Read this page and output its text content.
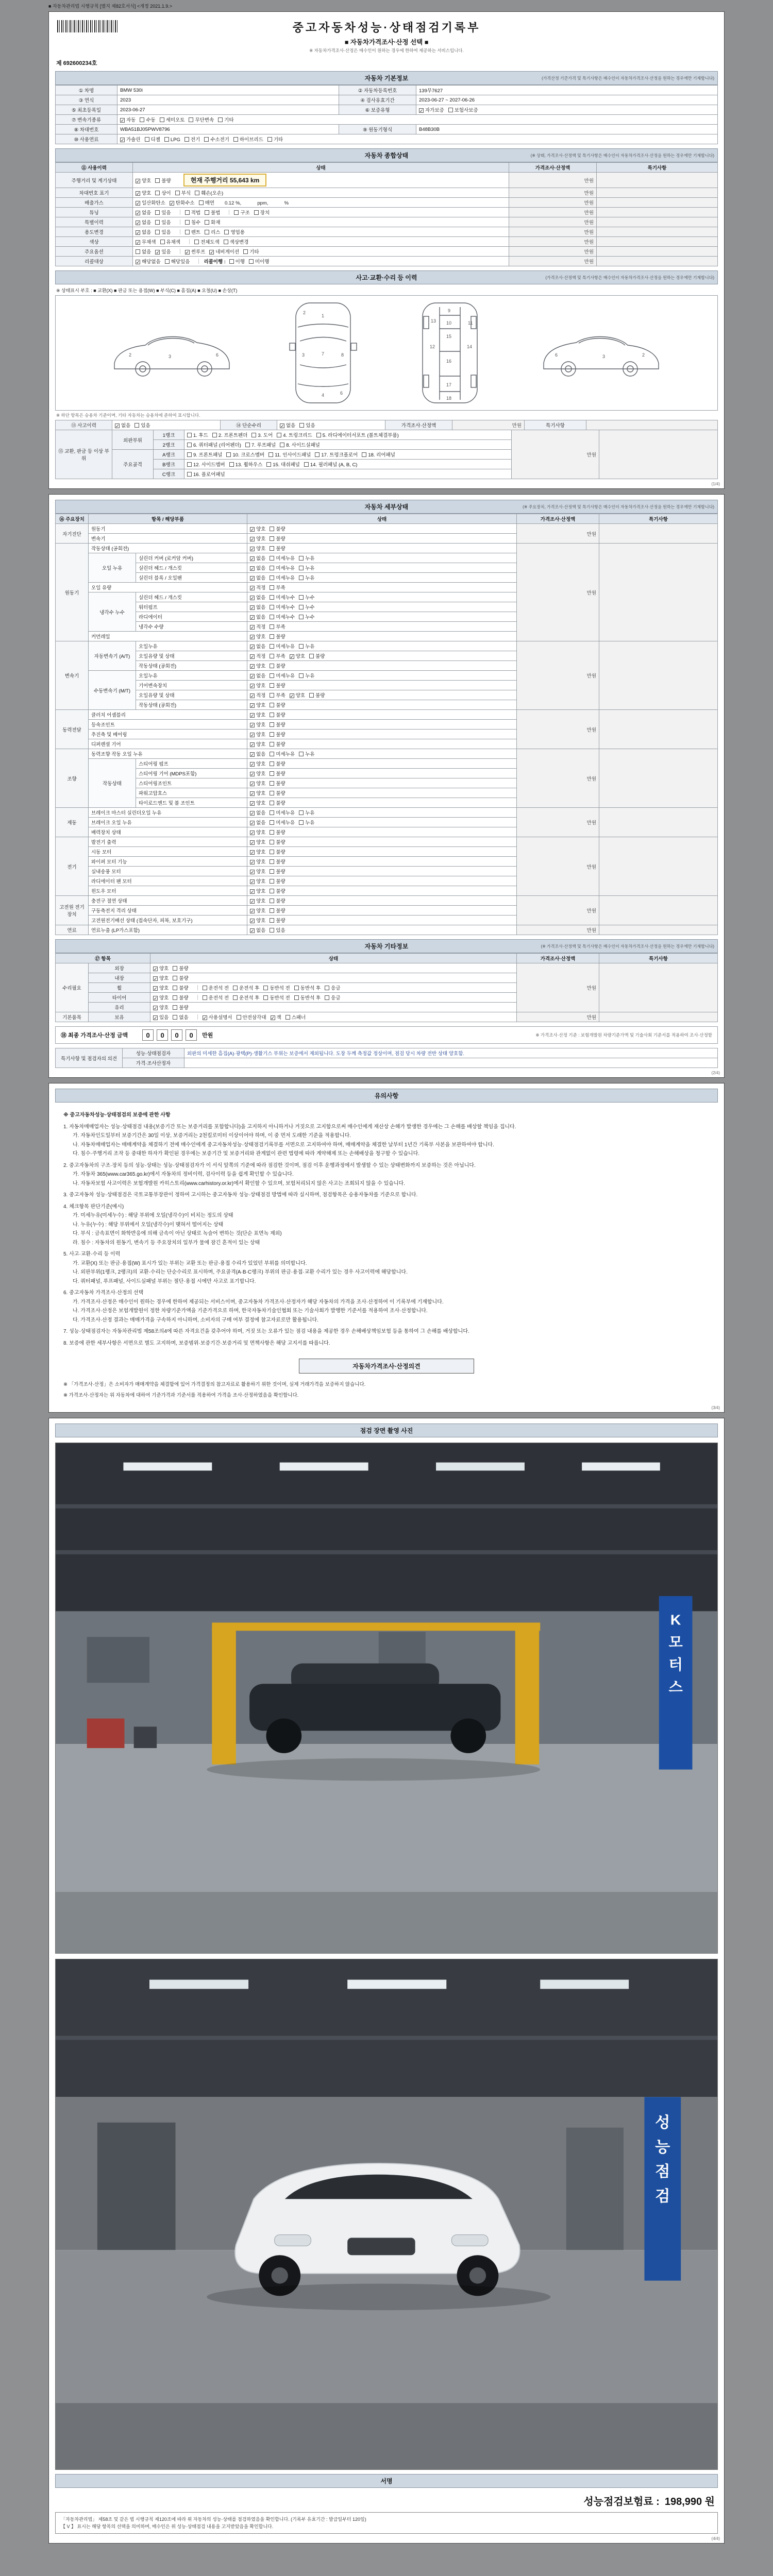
■ 자동차관리법 시행규칙 [별지 제82호서식] <개정 2021.1.9.>
중고자동차성능·상태점검기록부
■ 자동차가격조사·산정 선택 ■
※ 자동차가격조사·산정은 매수인이 원하는 경우에 한하여 제공하는 서비스입니다.
제 692600234호
자동차 기본정보	(가격산정 기준가격 및 특기사항은 매수인이 자동차가격조사·산정을 원하는 경우에만 기재합니다)
① 차명	BMW 530i	② 자동차등록번호	139무7627
③ 연식	2023	④ 검사유효기간	2023-06-27 ~ 2027-06-26
⑤ 최초등록일	2023-06-27	⑥ 보증유형	✓ 자가보증 보험사보증
⑦ 변속기종류	✓ 자동 수동 세미오토 무단변속 기타		
⑧ 차대번호	WBA51BJ05PWV8796	⑨ 원동기형식	B48B30B
⑩ 사용연료	✓ 가솔린 디젤 LPG 전기 수소전기 하이브리드 기타		
자동차 종합상태	(※ 상태, 가격조사·산정액 및 특기사항은 매수인이 자동차가격조사·산정을 원하는 경우에만 기재합니다)
⑪ 사용이력	상태	가격조사·산정액	특기사항
주행거리 및 계기상태	✓ 양호 불량 현재 주행거리 55,643 km	만원	
차대번호 표기	✓ 양호 상이 부식 훼손(오손)	만원	
배출가스	✓ 일산화탄소 ✓ 탄화수소 매연 0.12 %,　　　 ppm,　　　 %	만원	
튜닝	✓ 없음 있음 적법 불법 구조 장치	만원	
특별이력	✓ 없음 있음 침수 화재	만원	
용도변경	✓ 없음 있음 렌트 리스 영업용	만원	
색상	✓ 무채색 유채색 전체도색 색상변경	만원	
주요옵션	없음 ✓ 있음 ✓ 썬루프 ✓ 네비게이션 기타	만원	
리콜대상	✓ 해당없음 해당있음 리콜이행 : 이행 미이행	만원	
사고·교환·수리 등 이력	(가격조사·산정액 및 특기사항은 매수인이 자동차가격조사·산정을 원하는 경우에만 기재합니다)
※ 상태표시 부호 : ■ 교환(X) ■ 판금 또는 용접(W) ■ 부식(C) ■ 흠집(A) ■ 요철(U) ■ 손상(T)
2	3	6
1
2
3	7	8
6
4
9
10	11
12
13
14
15
16
17
18
6	3	2
※ 하단 항목은 승용차 기준이며, 기타 자동차는 승용차에 준하여 표시합니다.
⑬ 사고이력	✓ 없음 있음	⑭ 단순수리	✓ 없음 있음	가격조사·산정액	만원	특기사항	
⑮ 교환, 판금 등 이상 부위	외판부위	1랭크	1. 후드 2. 프론트펜더 3. 도어 4. 트렁크리드 5. 라디에이터서포트 (볼트체결부품)	만원	
		2랭크	6. 쿼터패널 (리어펜더) 7. 루프패널 8. 사이드실패널		
	주요골격	A랭크	9. 프론트패널 10. 크로스멤버 11. 인사이드패널 17. 트렁크플로어 18. 리어패널		
		B랭크	12. 사이드멤버 13. 휠하우스 15. 대쉬패널 14. 필러패널 (A, B, C)		
		C랭크	16. 플로어패널		
(1/4)
자동차 세부상태	(※ 주요장치, 가격조사·산정액 및 특기사항은 매수인이 자동차가격조사·산정을 원하는 경우에만 기재합니다)
⑯ 주요장치	항목 / 해당부품		상태	가격조사·산정액	특기사항
자기진단	원동기		✓ 양호 불량	만원	
	변속기		✓ 양호 불량		
원동기	작동상태 (공회전)		✓ 양호 불량	만원	
	오일 누유	실린더 커버 (로커암 커버)	✓ 없음 미세누유 누유		
		실린더 헤드 / 개스킷	✓ 없음 미세누유 누유		
		실린더 블록 / 오일팬	✓ 없음 미세누유 누유		
	오일 유량		✓ 적정 부족		
	냉각수 누수	실린더 헤드 / 개스킷	✓ 없음 미세누수 누수		
		워터펌프	✓ 없음 미세누수 누수		
		라디에이터	✓ 없음 미세누수 누수		
		냉각수 수량	✓ 적정 부족		
	커먼레일		✓ 양호 불량		
변속기	자동변속기 (A/T)	오일누유	✓ 없음 미세누유 누유	만원	
		오일유량 및 상태	✓ 적정 부족 ✓ 양호 불량		
		작동상태 (공회전)	✓ 양호 불량		
	수동변속기 (M/T)	오일누유	✓ 없음 미세누유 누유		
		기어변속장치	✓ 양호 불량		
		오일유량 및 상태	✓ 적정 부족 ✓ 양호 불량		
		작동상태 (공회전)	✓ 양호 불량		
동력전달	클러치 어셈블리		✓ 양호 불량	만원	
	등속조인트		✓ 양호 불량		
	추진축 및 베어링		✓ 양호 불량		
	디퍼렌셜 기어		✓ 양호 불량		
조향	동력조향 작동 오일 누유		✓ 없음 미세누유 누유	만원	
	작동상태	스티어링 펌프	✓ 양호 불량		
		스티어링 기어 (MDPS포함)	✓ 양호 불량		
		스티어링조인트	✓ 양호 불량		
		파워고압호스	✓ 양호 불량		
		타이로드엔드 및 볼 조인트	✓ 양호 불량		
제동	브레이크 마스터 실린더오일 누유		✓ 없음 미세누유 누유	만원	
	브레이크 오일 누유		✓ 없음 미세누유 누유		
	배력장치 상태		✓ 양호 불량		
전기	발전기 출력		✓ 양호 불량	만원	
	시동 모터		✓ 양호 불량		
	와이퍼 모터 기능		✓ 양호 불량		
	실내송풍 모터		✓ 양호 불량		
	라디에이터 팬 모터		✓ 양호 불량		
	윈도우 모터		✓ 양호 불량		
고전원 전기장치	충전구 절연 상태		✓ 양호 불량	만원	
	구동축전지 격리 상태		✓ 양호 불량		
	고전원전기배선 상태 (접속단자, 피복, 보호기구)		✓ 양호 불량		
연료	연료누출 (LP가스포함)		✓ 없음 있음	만원	
자동차 기타정보	(※ 가격조사·산정액 및 특기사항은 매수인이 자동차가격조사·산정을 원하는 경우에만 기재합니다)
⑰ 항목		상태	가격조사·산정액	특기사항
수리필요	외장	✓ 양호 불량	만원	
	내장	✓ 양호 불량		
	휠	✓ 양호 불량 운전석 전 운전석 후 동반석 전 동반석 후 응급		
	타이어	✓ 양호 불량 운전석 전 운전석 후 동반석 전 동반석 후 응급		
	유리	✓ 양호 불량		
기본품목	보유	✓ 있음 없음 ✓ 사용설명서 안전삼각대 ✓ 잭 스패너	만원	
⑱ 최종 가격조사·산정 금액	0 0 0 0	만원	※ 가격조사·산정 기준 : 보험개발원 차량기준가액 및 기술사회 기준서를 적용하여 조사·산정함
특기사항 및 점검자의 의견	성능·상태점검자	외판의 미세한 흠집(A)·광택(P)·생활기스 부위는 보증에서 제외됩니다. 도장 두께 측정값 정상이며, 점검 당시 차량 전반 상태 양호함.
	가격·조사산정자	
(2/4)
유의사항
※ 중고자동차성능·상태점검의 보증에 관한 사항
1. 자동차매매업자는 성능·상태점검 내용(보증기간 또는 보증거리를 포함합니다)을 고지하지 아니하거나 거짓으로 고지함으로써 매수인에게 재산상 손해가 발생한 경우에는 그 손해를 배상할 책임을 집니다.
가. 자동차인도일부터 보증기간은 30일 이상, 보증거리는 2천킬로미터 이상이어야 하며, 이 중 먼저 도래한 기준을 적용합니다.
나. 자동차매매업자는 매매계약을 체결하기 전에 매수인에게 중고자동차성능·상태점검기록부를 서면으로 고지하여야 하며, 매매계약을 체결한 날부터 1년간 기록부 사본을 보관하여야 합니다.
다. 침수·주행거리 조작 등 중대한 하자가 확인된 경우에는 보증기간 및 보증거리와 관계없이 관련 법령에 따라 계약해제 또는 손해배상을 청구할 수 있습니다.
2. 중고자동차의 구조·장치 등의 성능·상태는 성능·상태점검자가 이 서식 앞쪽의 기준에 따라 점검한 것이며, 점검 이후 운행과정에서 발생할 수 있는 상태변화까지 보증하는 것은 아닙니다.
가. 자동차 365(www.car365.go.kr)에서 자동차의 정비이력, 검사이력 등을 쉽게 확인할 수 있습니다.
나. 자동차보험 사고이력은 보험개발원 카히스토리(www.carhistory.or.kr)에서 확인할 수 있으며, 보험처리되지 않은 사고는 조회되지 않을 수 있습니다.
3. 중고자동차 성능·상태점검은 국토교통부장관이 정하여 고시하는 중고자동차 성능·상태점검 방법에 따라 실시하며, 점검항목은 승용자동차를 기준으로 합니다.
4. 체크항목 판단기준(예시)
가. 미세누유(미세누수) : 해당 부위에 오일(냉각수)이 비치는 정도의 상태
나. 누유(누수) : 해당 부위에서 오일(냉각수)이 맺혀서 떨어지는 상태
다. 부식 : 금속표면이 화학반응에 의해 금속이 아닌 상태로 녹슬어 변하는 것(단순 표면녹 제외)
라. 침수 : 자동차의 원동기, 변속기 등 주요장치의 일부가 물에 잠긴 흔적이 있는 상태
5. 사고·교환·수리 등 이력
가. 교환(X) 또는 판금·용접(W) 표시가 있는 부위는 교환 또는 판금·용접 수리가 있었던 부위를 의미합니다.
나. 외판부위(1랭크, 2랭크)의 교환·수리는 단순수리로 표시하며, 주요골격(A·B·C랭크) 부위의 판금·용접·교환 수리가 있는 경우 사고이력에 해당합니다.
다. 쿼터패널, 루프패널, 사이드실패널 부위는 절단·용접 시에만 사고로 표기합니다.
6. 중고자동차 가격조사·산정의 선택
가. 가격조사·산정은 매수인이 원하는 경우에 한하여 제공되는 서비스이며, 중고자동차 가격조사·산정자가 해당 자동차의 가격을 조사·산정하여 이 기록부에 기재합니다.
나. 가격조사·산정은 보험개발원이 정한 차량기준가액을 기준가격으로 하며, 한국자동차기술인협회 또는 기술사회가 발행한 기준서를 적용하여 조사·산정합니다.
다. 가격조사·산정 결과는 매매가격을 구속하지 아니하며, 소비자의 구매 여부 결정에 참고자료로만 활용됩니다.
7. 성능·상태점검자는 자동차관리법 제58조의4에 따른 자격요건을 갖추어야 하며, 거짓 또는 오류가 있는 점검 내용을 제공한 경우 손해배상책임보험 등을 통하여 그 손해를 배상합니다.
8. 보증에 관한 세부사항은 서면으로 별도 고지하며, 보증범위·보증기간·보증거리 및 면책사항은 해당 고지서를 따릅니다.
자동차가격조사·산정의견
※ 「가격조사·산정」은 소비자가 매매계약을 체결함에 있어 가격결정의 참고자료로 활용하기 위한 것이며, 실제 거래가격을 보증하지 않습니다.
※ 가격조사·산정자는 위 자동차에 대하여 기준가격과 기준서를 적용하여 가격을 조사·산정하였음을 확인합니다.
(3/4)
점검 장면 촬영 사진
K 모 터 스
성 능 점 검
서명
성능점검보험료 : 198,990 원
「자동차관리법」 제58조 및 같은 법 시행규칙 제120조에 따라 위 자동차의 성능·상태를 점검하였음을 확인합니다. (기록부 유효기간 : 발급일부터 120일)
【 V 】 표시는 해당 항목의 선택을 의미하며, 매수인은 위 성능·상태점검 내용을 고지받았음을 확인합니다.
(4/4)
